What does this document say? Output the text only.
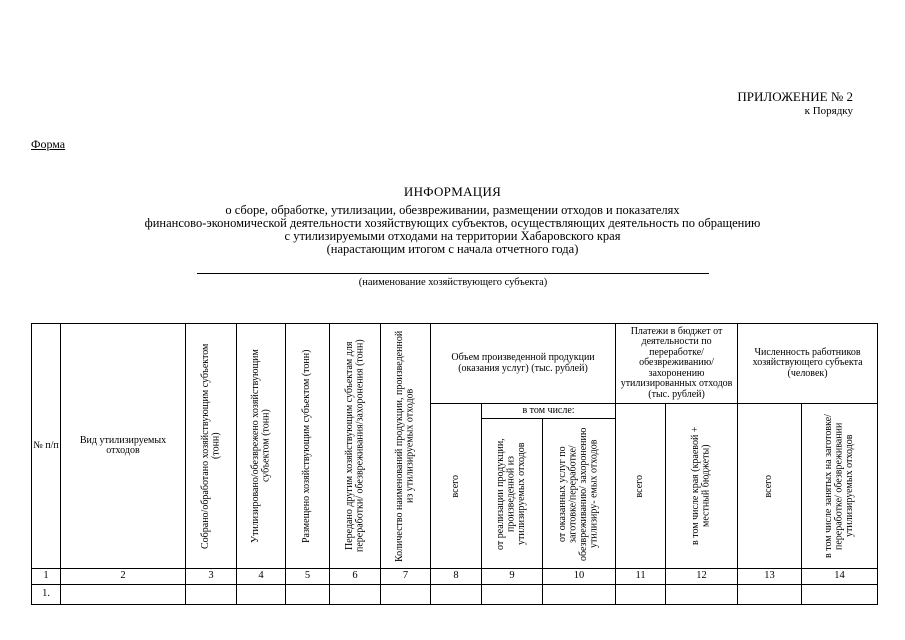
ПРИЛОЖЕНИЕ № 2
к Порядку
Форма
ИНФОРМАЦИЯ
о сборе, обработке, утилизации, обезвреживании, размещении отходов и показателях
финансово-экономической деятельности хозяйствующих субъектов, осуществляющих деятельность по обращению
с утилизируемыми отходами на территории Хабаровского края
(нарастающим итогом с начала отчетного года)
(наименование хозяйствующего субъекта)
№ п/п	Вид утилизируемых отходов	Собрано/обработано хозяйствующим субъектом (тонн)	Утилизировано/обезврежено хозяйствующим субъектом (тонн)	Размещено хозяйствующим субъектом (тонн)	Передано другим хозяйствующим субъектам для переработки/ обезвреживания/захоронения (тонн)	Количество наименований продукции, произведенной из утилизируемых отходов	Объем произведенной продукции (оказания услуг) (тыс. рублей)			Платежи в бюджет от деятельности по переработке/ обезвреживанию/ захоронению утилизированных отходов (тыс. рублей)		Численность работников хозяйствующего субъекта (человек)	

							всего	в том числе:		всего	в том числе края (краевой + местный бюджеты)	всего	в том числе занятых на заготовке/ переработке/ обезвреживании утилизируемых отходов

								от реализации продукции, произведенной из утилизируемых отходов	от оказанных услуг по заготовке/переработке/ обезвреживанию/ захоронению утилизиру- емых отходов				

1	2	3	4	5	6	7	8	9	10	11	12	13	14
1.													
